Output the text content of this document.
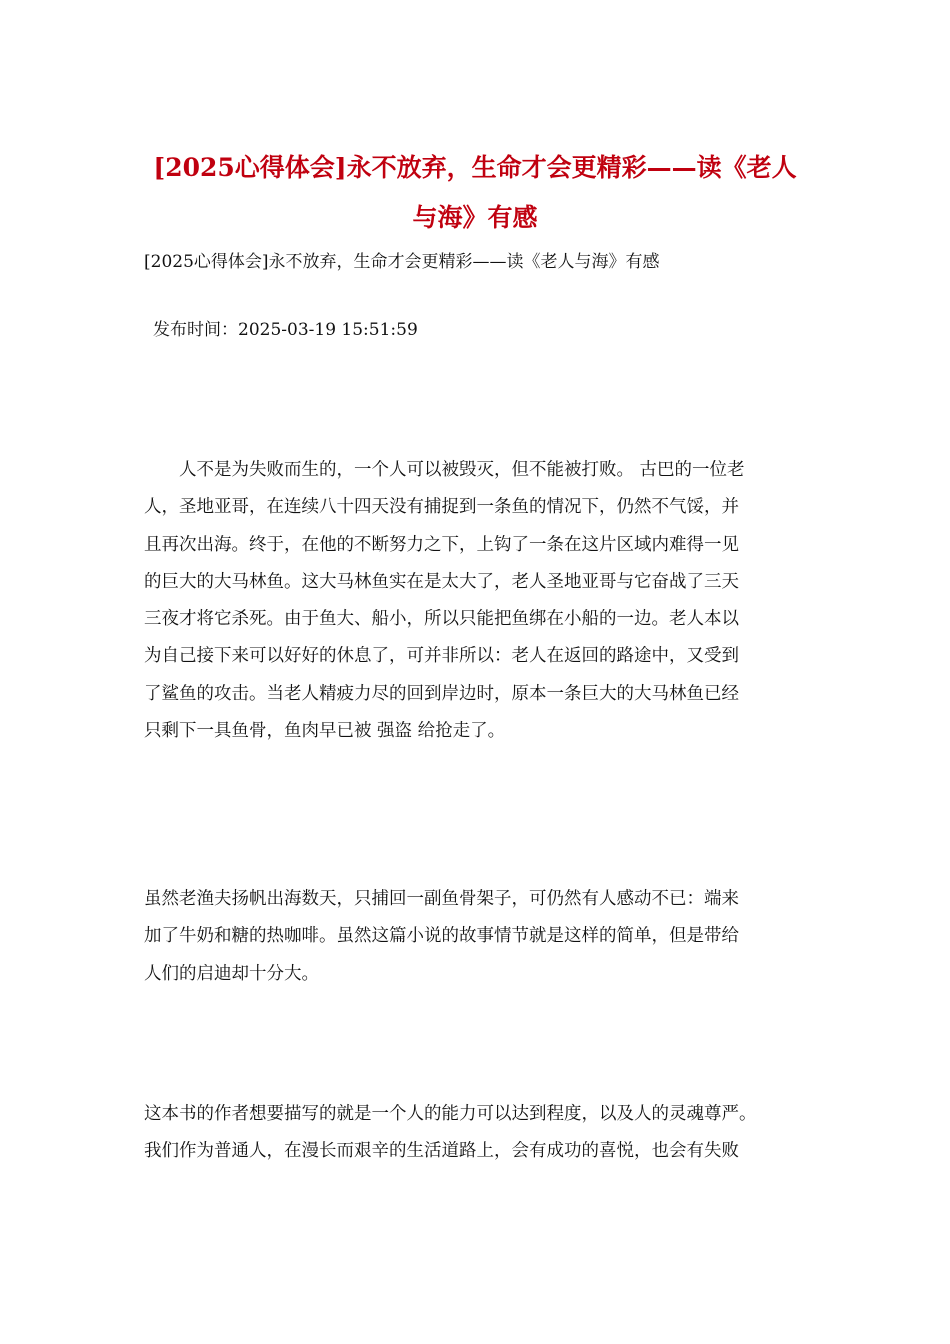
[2025心得体会]永不放弃，生命才会更精彩——读《老人
与海》有感

[2025心得体会]永不放弃，生命才会更精彩——读《老人与海》有感

发布时间：2025-03-19 15:51:59

　　人不是为失败而生的，一个人可以被毁灭，但不能被打败。 古巴的一位老
人，圣地亚哥，在连续八十四天没有捕捉到一条鱼的情况下，仍然不气馁，并
且再次出海。终于，在他的不断努力之下，上钩了一条在这片区域内难得一见
的巨大的大马林鱼。这大马林鱼实在是太大了，老人圣地亚哥与它奋战了三天
三夜才将它杀死。由于鱼大、船小，所以只能把鱼绑在小船的一边。老人本以
为自己接下来可以好好的休息了，可并非所以：老人在返回的路途中，又受到
了鲨鱼的攻击。当老人精疲力尽的回到岸边时，原本一条巨大的大马林鱼已经
只剩下一具鱼骨，鱼肉早已被 强盗 给抢走了。

虽然老渔夫扬帆出海数天，只捕回一副鱼骨架子，可仍然有人感动不已：端来
加了牛奶和糖的热咖啡。虽然这篇小说的故事情节就是这样的简单，但是带给
人们的启迪却十分大。

这本书的作者想要描写的就是一个人的能力可以达到程度，以及人的灵魂尊严。
我们作为普通人，在漫长而艰辛的生活道路上，会有成功的喜悦，也会有失败
